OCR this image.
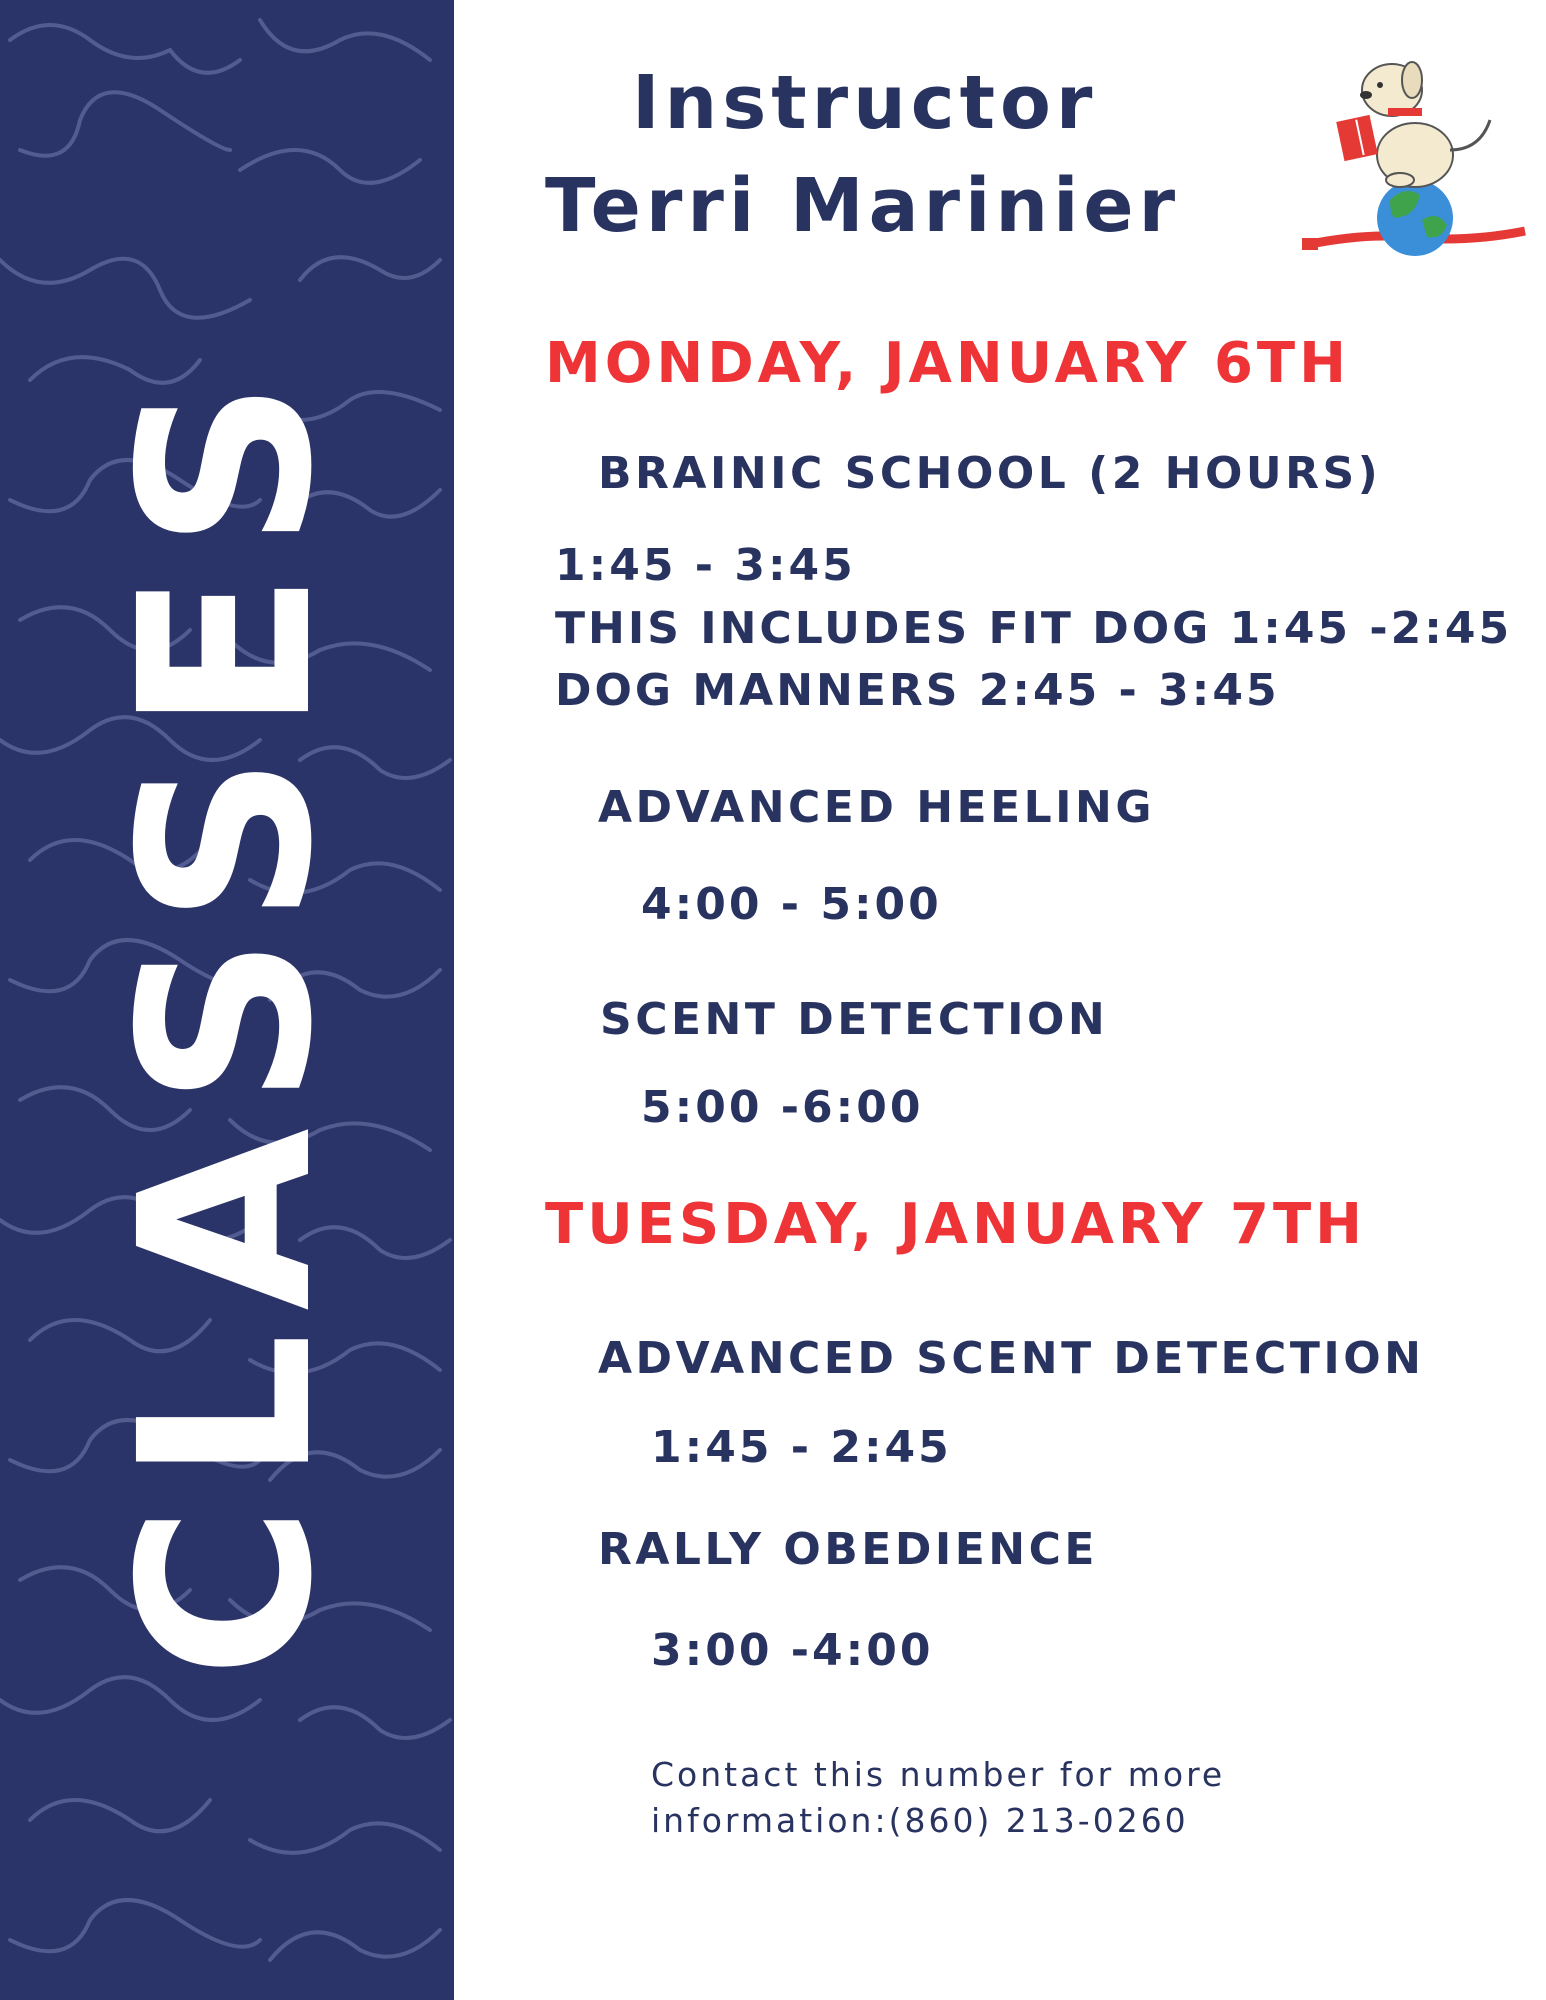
CLASSES
Instructor
Terri Marinier
MONDAY, JANUARY 6TH
BRAINIC SCHOOL (2 HOURS)
1:45 - 3:45
THIS INCLUDES FIT DOG 1:45 -2:45
DOG MANNERS 2:45 - 3:45
ADVANCED HEELING
4:00 - 5:00
SCENT DETECTION
5:00 -6:00
TUESDAY, JANUARY 7TH
ADVANCED SCENT DETECTION
1:45 - 2:45
RALLY OBEDIENCE
3:00 -4:00
Contact this number for more
information:(860) 213-0260
